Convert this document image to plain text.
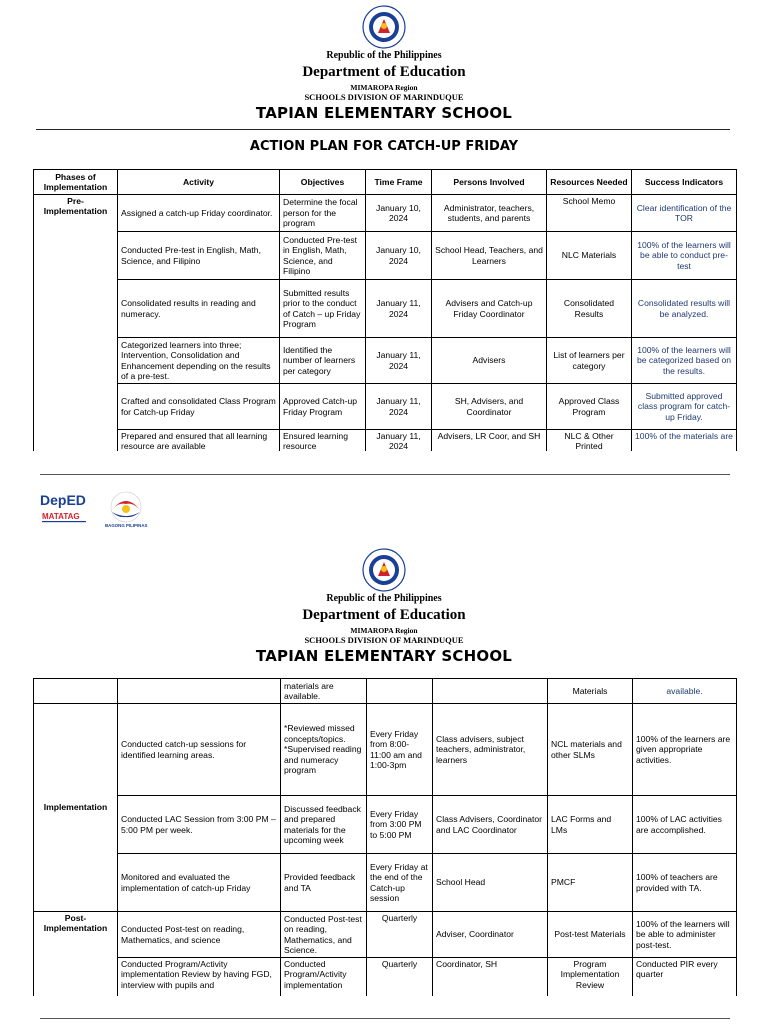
Republic of the Philippines
Department of Education
MIMAROPA Region
SCHOOLS DIVISION OF MARINDUQUE
TAPIAN ELEMENTARY SCHOOL
ACTION PLAN FOR CATCH-UP FRIDAY
Phases of Implementation	Activity	Objectives	Time Frame	Persons Involved	Resources Needed	Success Indicators
Pre-Implementation	Assigned a catch-up Friday coordinator.	Determine the focal person for the program	January 10, 2024	Administrator, teachers, students, and parents	School Memo	Clear identification of the TOR
	Conducted Pre-test in English, Math, Science, and Filipino	Conducted Pre-test in English, Math, Science, and Filipino	January 10, 2024	School Head, Teachers, and Learners	NLC Materials	100% of the learners will be able to conduct pre-test
	Consolidated results in reading and numeracy.	Submitted results prior to the conduct of Catch – up Friday Program	January 11, 2024	Advisers and Catch-up Friday Coordinator	Consolidated Results	Consolidated results will be analyzed.
	Categorized learners into three; Intervention, Consolidation and Enhancement depending on the results of a pre-test.	Identified the number of learners per category	January 11, 2024	Advisers	List of learners per category	100% of the learners will be categorized based on the results.
	Crafted and consolidated Class Program for Catch-up Friday	Approved Catch-up Friday Program	January 11, 2024	SH, Advisers, and Coordinator	Approved Class Program	Submitted approved class program for catch-up Friday.
	Prepared and ensured that all learning resource are available	Ensured learning resource	January 11, 2024	Advisers, LR Coor, and SH	NLC & Other Printed	100% of the materials are
DepED
MATATAG
BAGONG PILIPINAS
Republic of the Philippines
Department of Education
MIMAROPA Region
SCHOOLS DIVISION OF MARINDUQUE
TAPIAN ELEMENTARY SCHOOL
		materials are available.			Materials	available.
Implementation	Conducted catch-up sessions for identified learning areas.	*Reviewed missed concepts/topics. *Supervised reading and numeracy program	Every Friday from 8:00-11:00 am and 1:00-3pm	Class advisers, subject teachers, administrator, learners	NCL materials and other SLMs	100% of the learners are given appropriate activities.
	Conducted LAC Session from 3:00 PM – 5:00 PM per week.	Discussed feedback and prepared materials for the upcoming week	Every Friday from 3:00 PM to 5:00 PM	Class Advisers, Coordinator and LAC Coordinator	LAC Forms and LMs	100% of LAC activities are accomplished.
	Monitored and evaluated the implementation of catch-up Friday	Provided feedback and TA	Every Friday at the end of the Catch-up session	School Head	PMCF	100% of teachers are provided with TA.
Post-Implementation	Conducted Post-test on reading, Mathematics, and science	Conducted Post-test on reading, Mathematics, and Science.	Quarterly	Adviser, Coordinator	Post-test Materials	100% of the learners will be able to administer post-test.
	Conducted Program/Activity implementation Review by having FGD, interview with pupils and	Conducted Program/Activity implementation	Quarterly	Coordinator, SH	Program Implementation Review	Conducted PIR every quarter
